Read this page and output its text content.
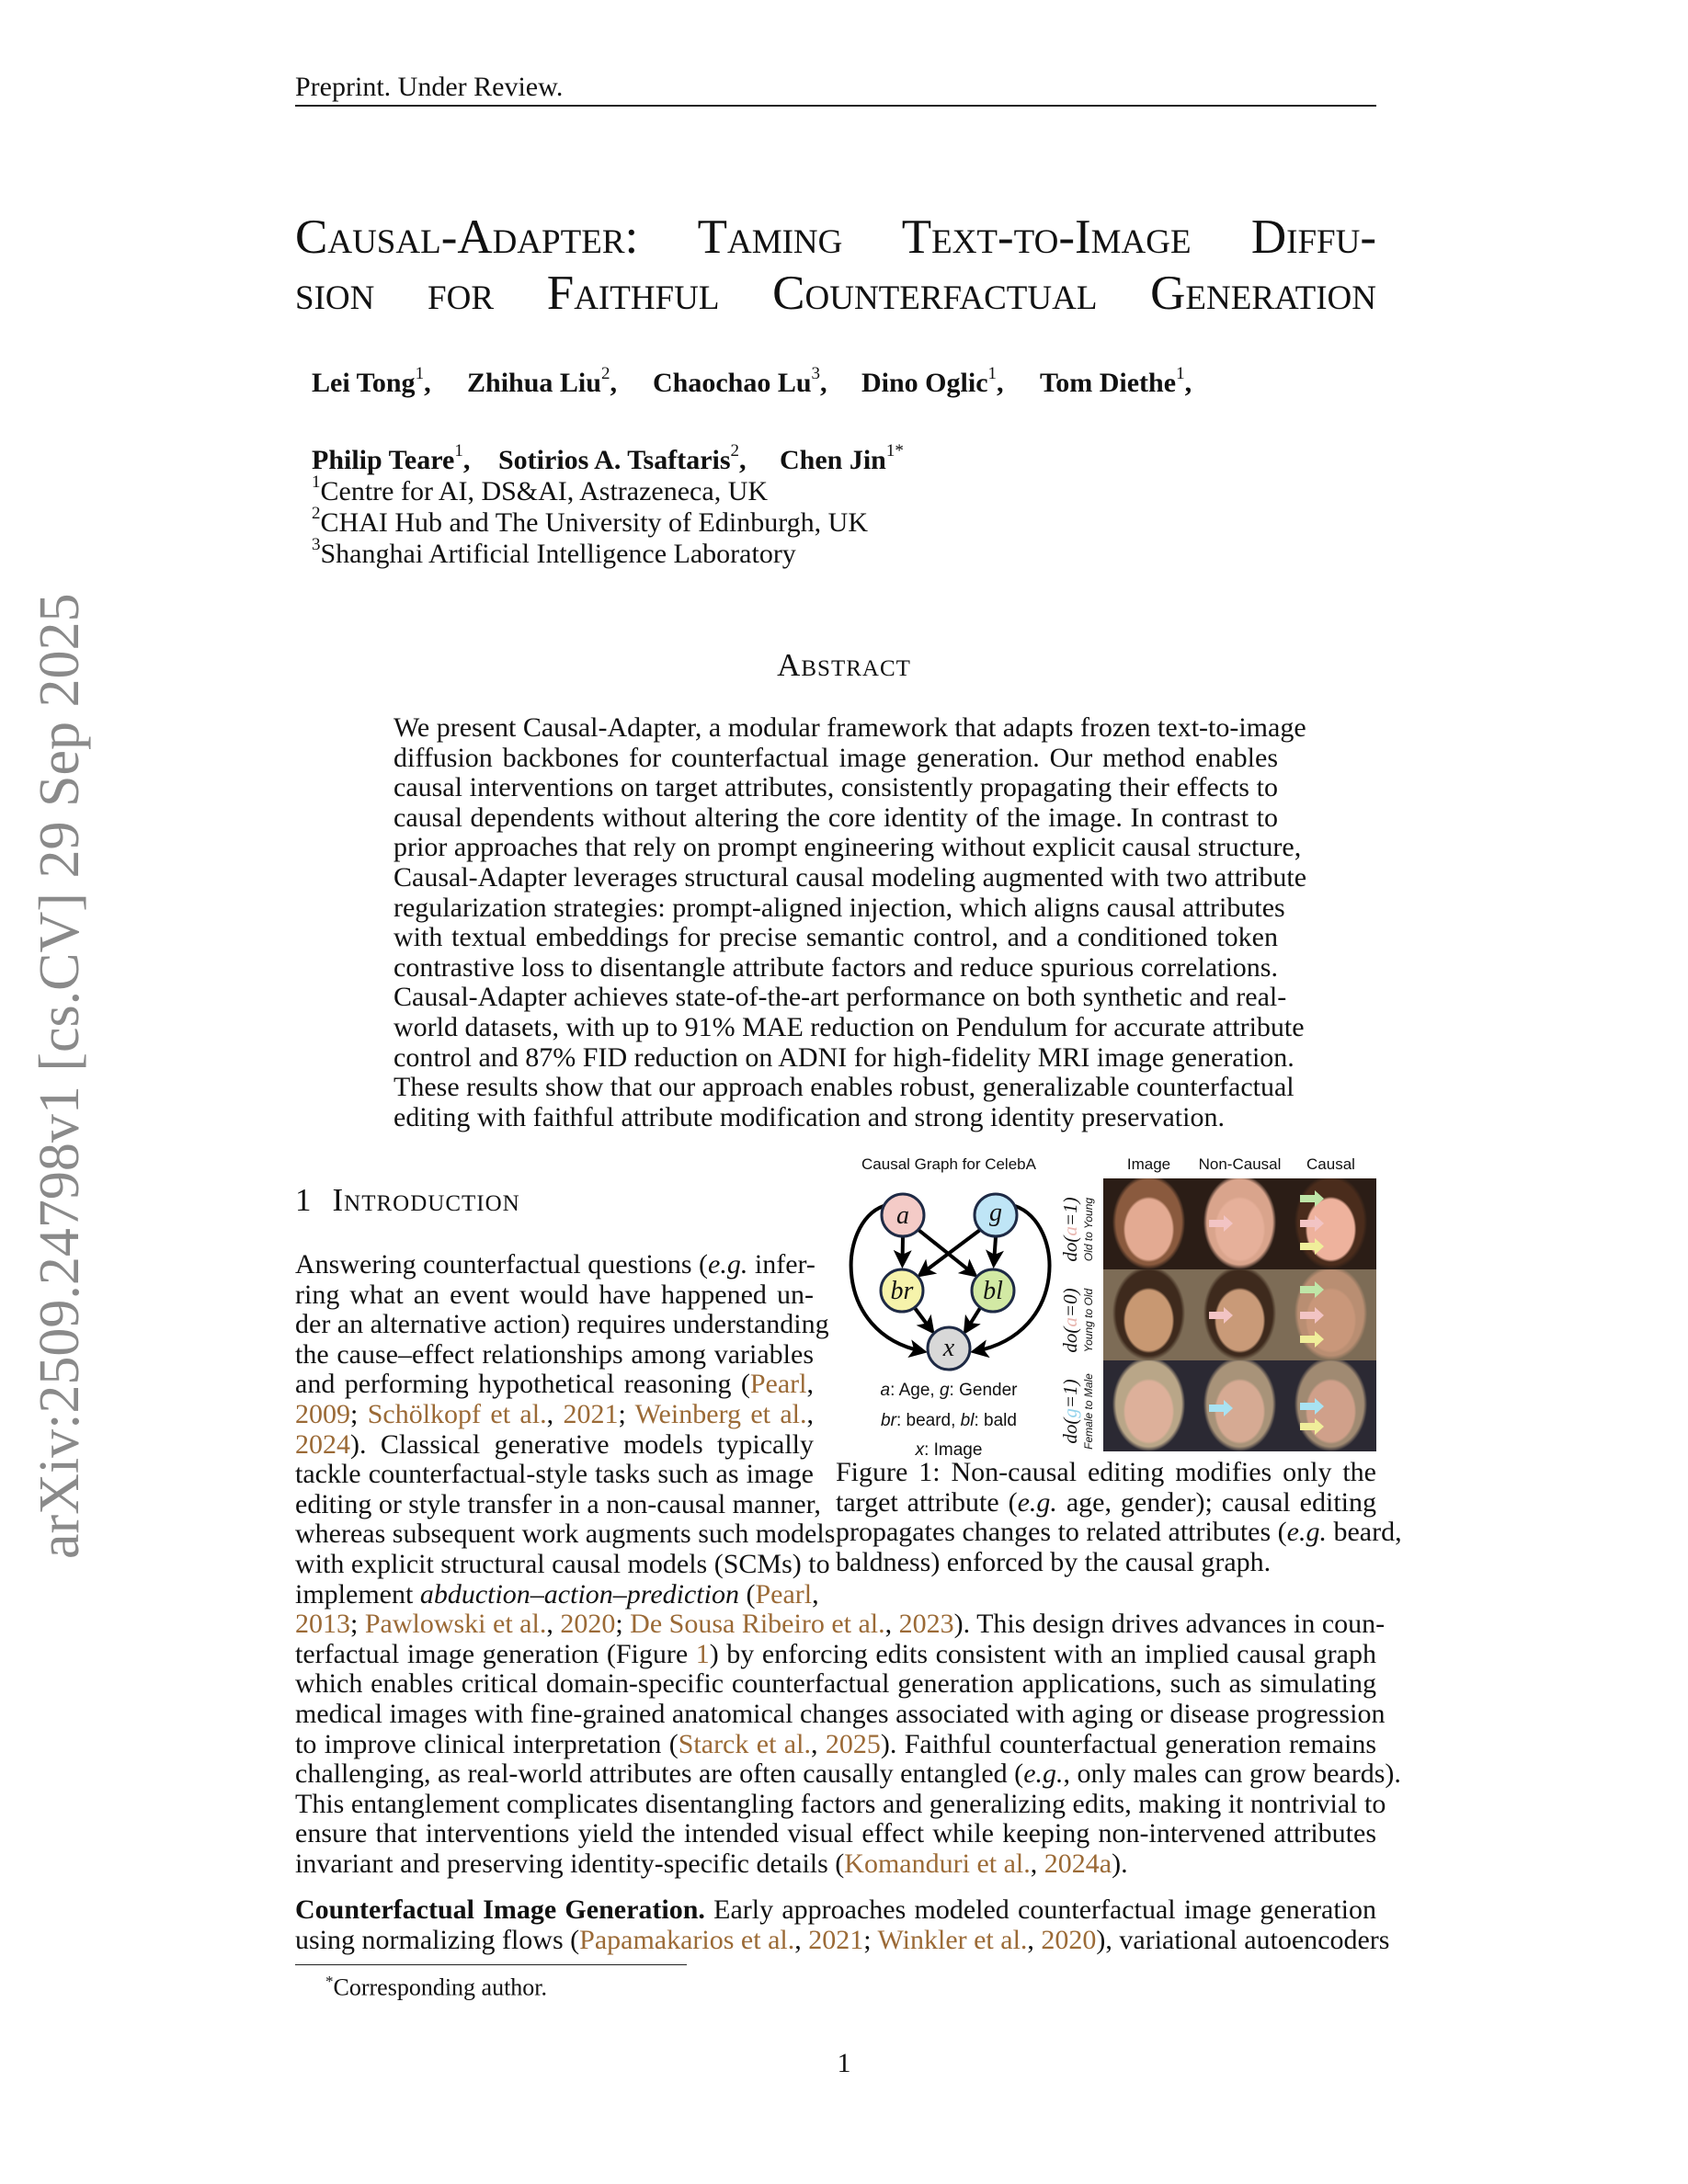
arXiv:2509.24798v1 [cs.CV] 29 Sep 2025
Preprint. Under Review.
Causal-Adapter: Taming Text-to-Image Diffu-
sion for Faithful Counterfactual Generation
Lei Tong$^1$, Zhihua Liu$^2$, Chaochao Lu$^3$, Dino Oglic$^1$, Tom Diethe$^1$,
Philip Teare$^1$, Sotirios A. Tsaftaris$^2$, Chen Jin$^{1*}$
$^1$Centre for AI, DS&AI, Astrazeneca, UK
$^2$CHAI Hub and The University of Edinburgh, UK
$^3$Shanghai Artificial Intelligence Laboratory
Abstract
We present Causal-Adapter, a modular framework that adapts frozen text-to-image
diffusion backbones for counterfactual image generation. Our method enables
causal interventions on target attributes, consistently propagating their effects to
causal dependents without altering the core identity of the image. In contrast to
prior approaches that rely on prompt engineering without explicit causal structure,
Causal-Adapter leverages structural causal modeling augmented with two attribute
regularization strategies: prompt-aligned injection, which aligns causal attributes
with textual embeddings for precise semantic control, and a conditioned token
contrastive loss to disentangle attribute factors and reduce spurious correlations.
Causal-Adapter achieves state-of-the-art performance on both synthetic and real-
world datasets, with up to 91% MAE reduction on Pendulum for accurate attribute
control and 87% FID reduction on ADNI for high-fidelity MRI image generation.
These results show that our approach enables robust, generalizable counterfactual
editing with faithful attribute modification and strong identity preservation.
1 Introduction
Answering counterfactual questions (e.g. infer-
ring what an event would have happened un-
der an alternative action) requires understanding
the cause–effect relationships among variables
and performing hypothetical reasoning (Pearl,
2009; Schölkopf et al., 2021; Weinberg et al.,
2024). Classical generative models typically
tackle counterfactual-style tasks such as image
editing or style transfer in a non-causal manner,
whereas subsequent work augments such models
with explicit structural causal models (SCMs) to
implement abduction–action–prediction (Pearl,
2013; Pawlowski et al., 2020; De Sousa Ribeiro et al., 2023). This design drives advances in coun-
terfactual image generation (Figure 1) by enforcing edits consistent with an implied causal graph
which enables critical domain-specific counterfactual generation applications, such as simulating
medical images with fine-grained anatomical changes associated with aging or disease progression
to improve clinical interpretation (Starck et al., 2025). Faithful counterfactual generation remains
challenging, as real-world attributes are often causally entangled (e.g., only males can grow beards).
This entanglement complicates disentangling factors and generalizing edits, making it nontrivial to
ensure that interventions yield the intended visual effect while keeping non-intervened attributes
invariant and preserving identity-specific details (Komanduri et al., 2024a).
Counterfactual Image Generation. Early approaches modeled counterfactual image generation
using normalizing flows (Papamakarios et al., 2021; Winkler et al., 2020), variational autoencoders
Causal Graph for CelebA
a	g
br	bl
x
a: Age, g: Gender
br: beard, bl: bald
x: Image
Image	Non-Causal	Causal
do(a=1) Old to Young
do(a=0) Young to Old
do(g=1) Female to Male
Figure 1: Non-causal editing modifies only the
target attribute (e.g. age, gender); causal editing
propagates changes to related attributes (e.g. beard,
baldness) enforced by the causal graph.
*Corresponding author.
1
